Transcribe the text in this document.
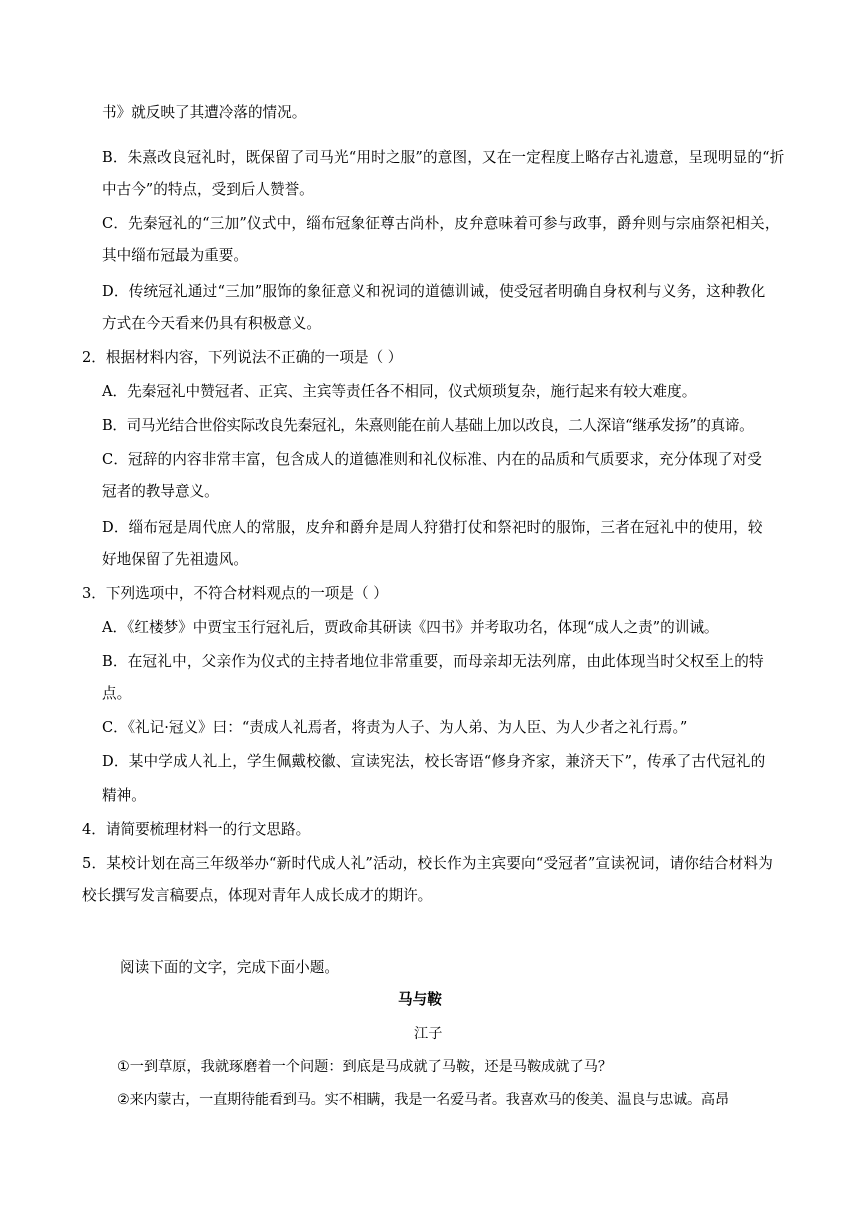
书》就反映了其遭冷落的情况。
B．朱熹改良冠礼时，既保留了司马光“用时之服”的意图，又在一定程度上略存古礼遗意，呈现明显的“折
中古今”的特点，受到后人赞誉。
C．先秦冠礼的“三加”仪式中，缁布冠象征尊古尚朴，皮弁意味着可参与政事，爵弁则与宗庙祭祀相关，
其中缁布冠最为重要。
D．传统冠礼通过“三加”服饰的象征意义和祝词的道德训诫，使受冠者明确自身权利与义务，这种教化
方式在今天看来仍具有积极意义。
2．根据材料内容，下列说法不正确的一项是（ ）
A．先秦冠礼中赞冠者、正宾、主宾等责任各不相同，仪式烦琐复杂，施行起来有较大难度。
B．司马光结合世俗实际改良先秦冠礼，朱熹则能在前人基础上加以改良，二人深谙“继承发扬”的真谛。
C．冠辞的内容非常丰富，包含成人的道德准则和礼仪标准、内在的品质和气质要求，充分体现了对受
冠者的教导意义。
D．缁布冠是周代庶人的常服，皮弁和爵弁是周人狩猎打仗和祭祀时的服饰，三者在冠礼中的使用，较
好地保留了先祖遗风。
3．下列选项中，不符合材料观点的一项是（ ）
A．《红楼梦》中贾宝玉行冠礼后，贾政命其研读《四书》并考取功名，体现“成人之责”的训诫。
B．在冠礼中，父亲作为仪式的主持者地位非常重要，而母亲却无法列席，由此体现当时父权至上的特
点。
C．《礼记·冠义》曰：“责成人礼焉者，将责为人子、为人弟、为人臣、为人少者之礼行焉。”
D．某中学成人礼上，学生佩戴校徽、宣读宪法，校长寄语“修身齐家，兼济天下”，传承了古代冠礼的
精神。
4．请简要梳理材料一的行文思路。
5．某校计划在高三年级举办“新时代成人礼”活动，校长作为主宾要向“受冠者”宣读祝词，请你结合材料为
校长撰写发言稿要点，体现对青年人成长成才的期许。
阅读下面的文字，完成下面小题。
马与鞍
江子
①一到草原，我就琢磨着一个问题：到底是马成就了马鞍，还是马鞍成就了马？
②来内蒙古，一直期待能看到马。实不相瞒，我是一名爱马者。我喜欢马的俊美、温良与忠诚。高昂
